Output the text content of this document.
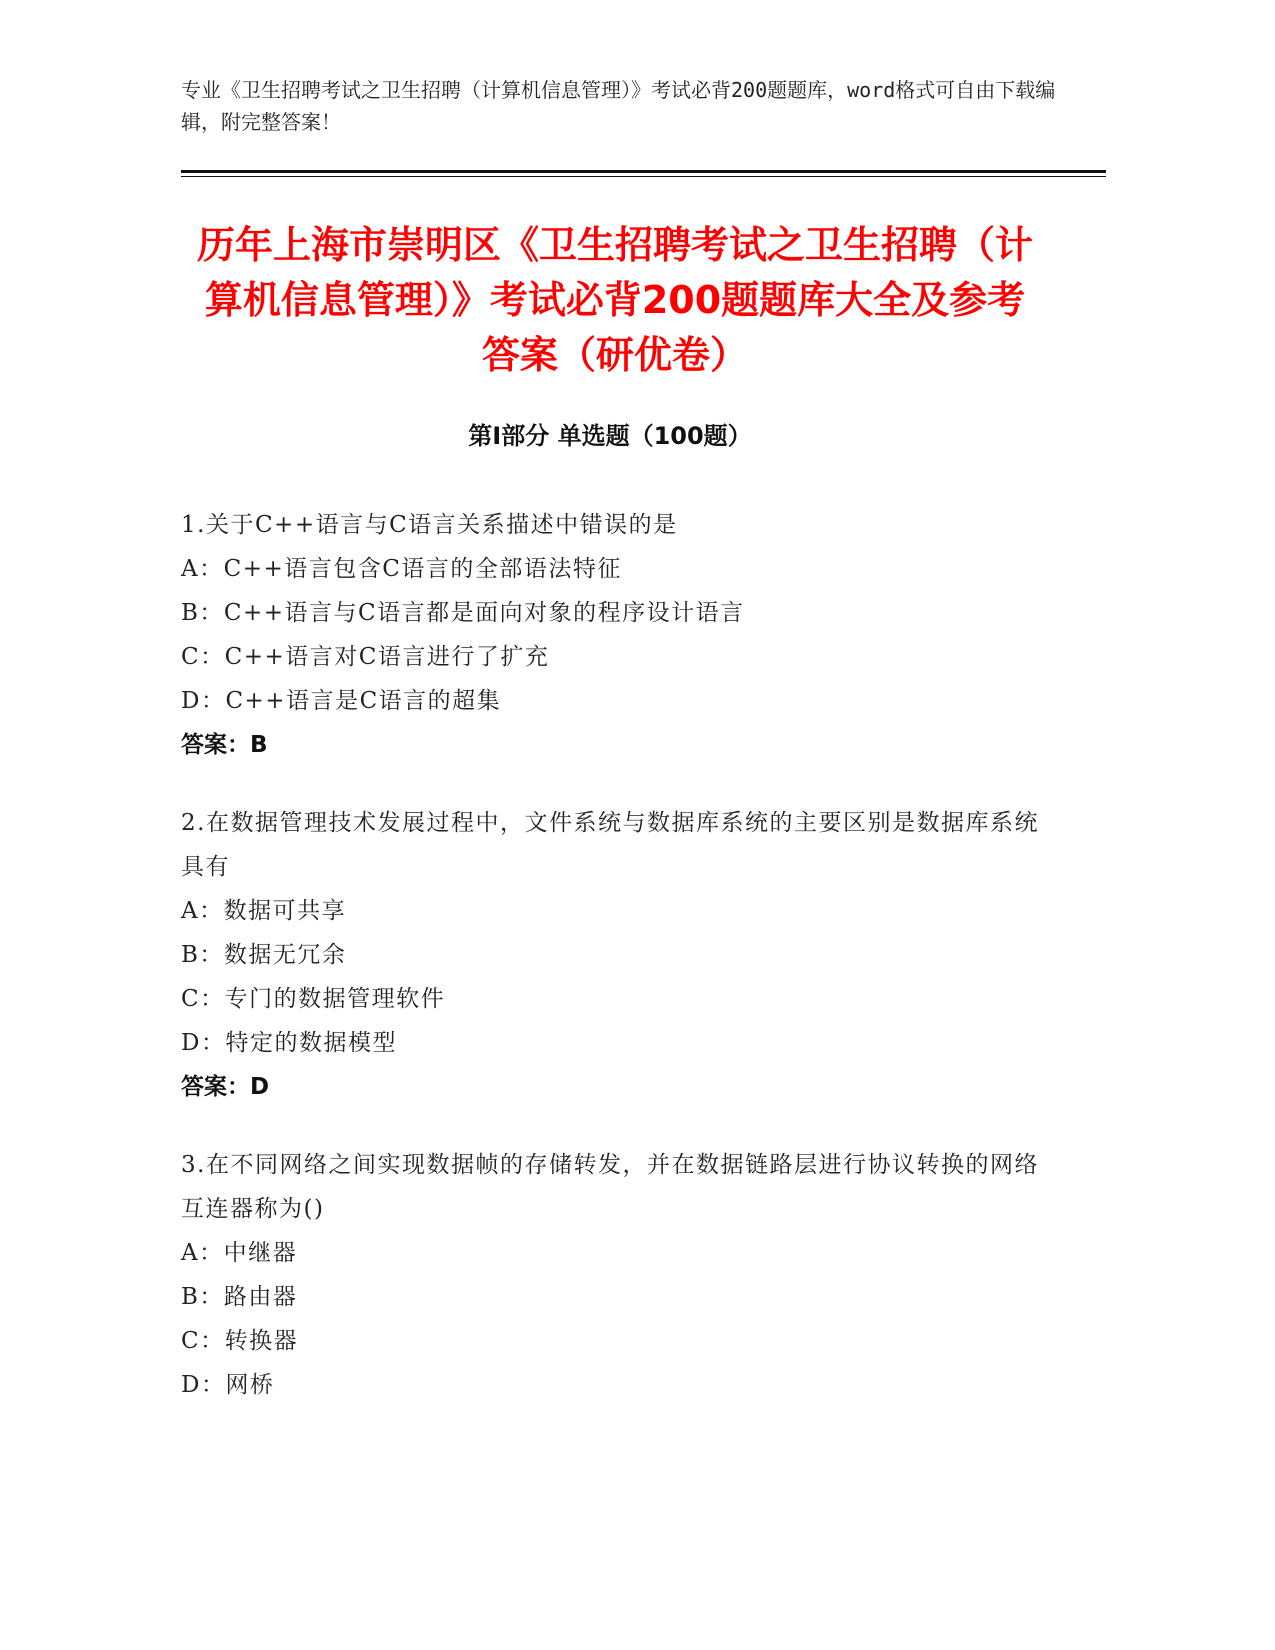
专业《卫生招聘考试之卫生招聘（计算机信息管理）》考试必背200题题库，word格式可自由下载编辑，附完整答案！
历年上海市崇明区《卫生招聘考试之卫生招聘（计算机信息管理）》考试必背200题题库大全及参考答案（研优卷）
第Ⅰ部分 单选题（100题）
1.关于C++语言与C语言关系描述中错误的是
A：C++语言包含C语言的全部语法特征
B：C++语言与C语言都是面向对象的程序设计语言
C：C++语言对C语言进行了扩充
D：C++语言是C语言的超集
答案：B
2.在数据管理技术发展过程中，文件系统与数据库系统的主要区别是数据库系统具有
A：数据可共享
B：数据无冗余
C：专门的数据管理软件
D：特定的数据模型
答案：D
3.在不同网络之间实现数据帧的存储转发，并在数据链路层进行协议转换的网络互连器称为()
A：中继器
B：路由器
C：转换器
D：网桥
